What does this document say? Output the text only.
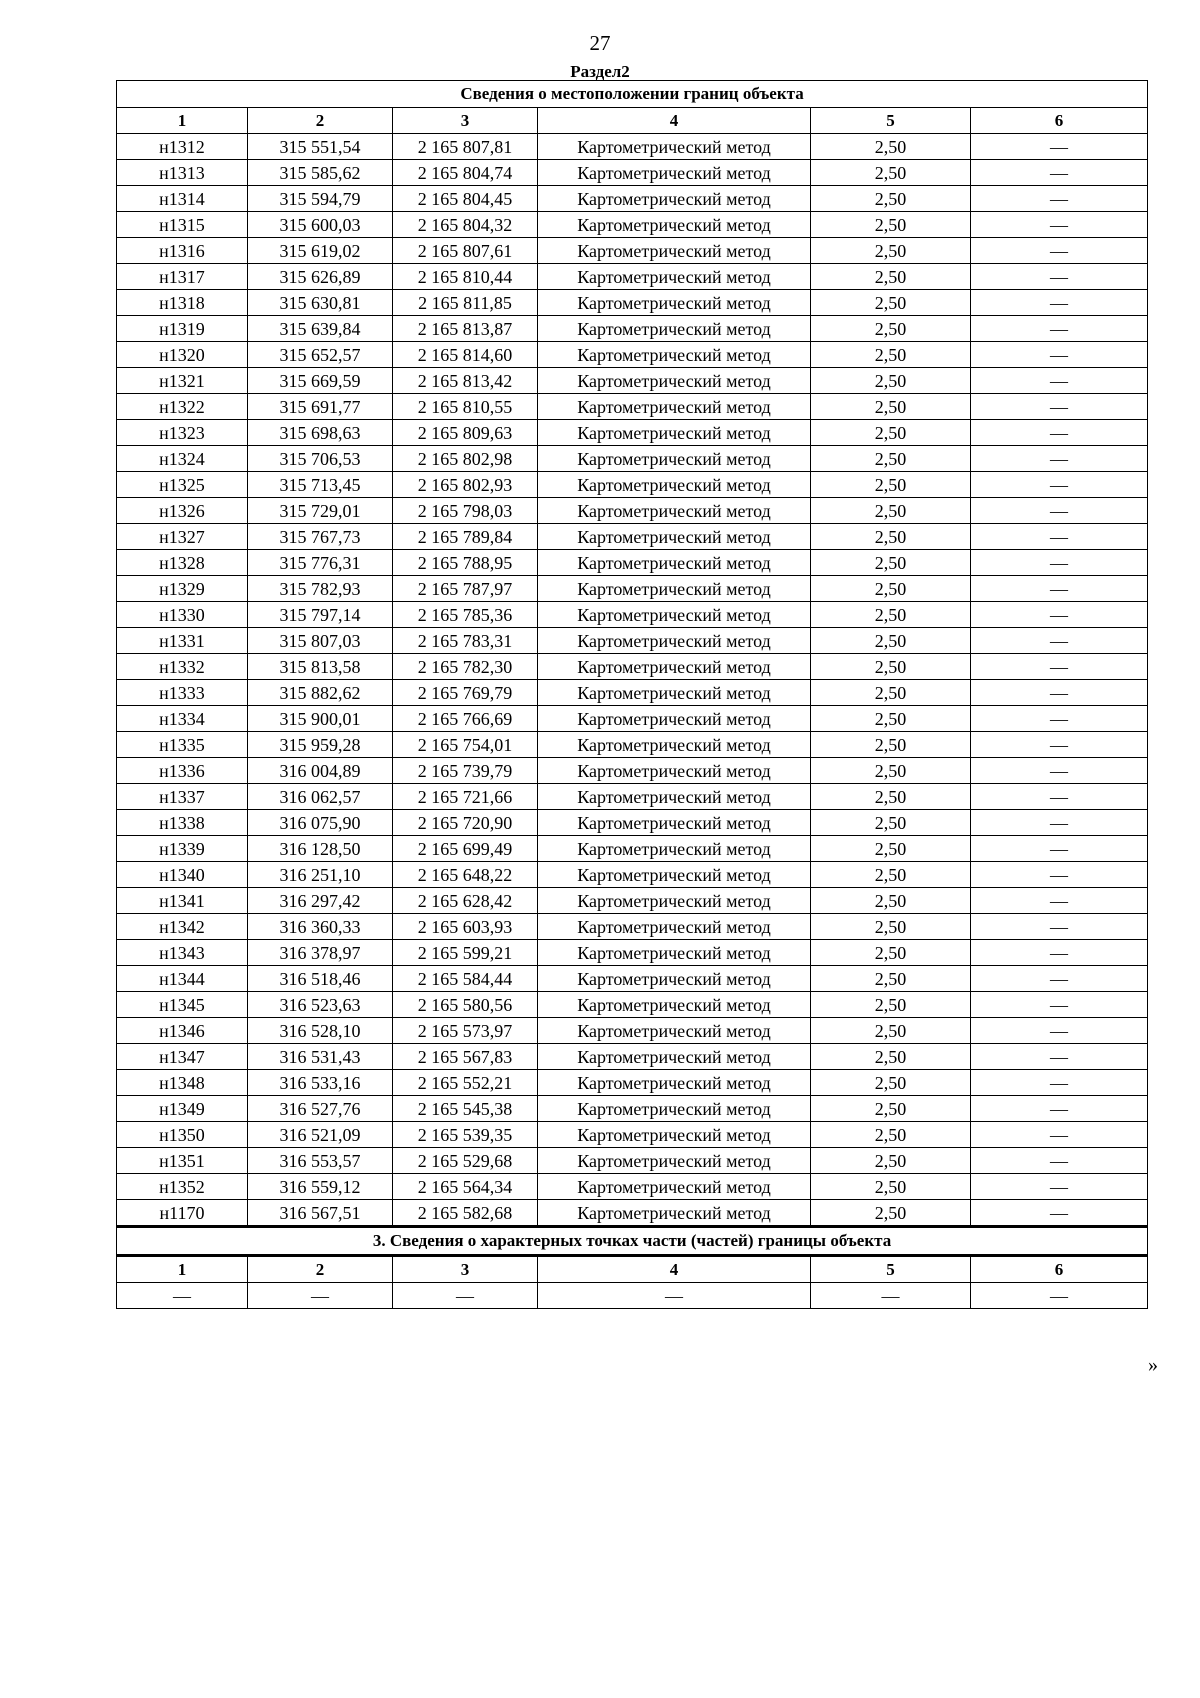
27
Раздел2
Сведения о местоположении границ объекта					
1	2	3	4	5	6
н1312	315 551,54	2 165 807,81	Картометрический метод	2,50	—
н1313	315 585,62	2 165 804,74	Картометрический метод	2,50	—
н1314	315 594,79	2 165 804,45	Картометрический метод	2,50	—
н1315	315 600,03	2 165 804,32	Картометрический метод	2,50	—
н1316	315 619,02	2 165 807,61	Картометрический метод	2,50	—
н1317	315 626,89	2 165 810,44	Картометрический метод	2,50	—
н1318	315 630,81	2 165 811,85	Картометрический метод	2,50	—
н1319	315 639,84	2 165 813,87	Картометрический метод	2,50	—
н1320	315 652,57	2 165 814,60	Картометрический метод	2,50	—
н1321	315 669,59	2 165 813,42	Картометрический метод	2,50	—
н1322	315 691,77	2 165 810,55	Картометрический метод	2,50	—
н1323	315 698,63	2 165 809,63	Картометрический метод	2,50	—
н1324	315 706,53	2 165 802,98	Картометрический метод	2,50	—
н1325	315 713,45	2 165 802,93	Картометрический метод	2,50	—
н1326	315 729,01	2 165 798,03	Картометрический метод	2,50	—
н1327	315 767,73	2 165 789,84	Картометрический метод	2,50	—
н1328	315 776,31	2 165 788,95	Картометрический метод	2,50	—
н1329	315 782,93	2 165 787,97	Картометрический метод	2,50	—
н1330	315 797,14	2 165 785,36	Картометрический метод	2,50	—
н1331	315 807,03	2 165 783,31	Картометрический метод	2,50	—
н1332	315 813,58	2 165 782,30	Картометрический метод	2,50	—
н1333	315 882,62	2 165 769,79	Картометрический метод	2,50	—
н1334	315 900,01	2 165 766,69	Картометрический метод	2,50	—
н1335	315 959,28	2 165 754,01	Картометрический метод	2,50	—
н1336	316 004,89	2 165 739,79	Картометрический метод	2,50	—
н1337	316 062,57	2 165 721,66	Картометрический метод	2,50	—
н1338	316 075,90	2 165 720,90	Картометрический метод	2,50	—
н1339	316 128,50	2 165 699,49	Картометрический метод	2,50	—
н1340	316 251,10	2 165 648,22	Картометрический метод	2,50	—
н1341	316 297,42	2 165 628,42	Картометрический метод	2,50	—
н1342	316 360,33	2 165 603,93	Картометрический метод	2,50	—
н1343	316 378,97	2 165 599,21	Картометрический метод	2,50	—
н1344	316 518,46	2 165 584,44	Картометрический метод	2,50	—
н1345	316 523,63	2 165 580,56	Картометрический метод	2,50	—
н1346	316 528,10	2 165 573,97	Картометрический метод	2,50	—
н1347	316 531,43	2 165 567,83	Картометрический метод	2,50	—
н1348	316 533,16	2 165 552,21	Картометрический метод	2,50	—
н1349	316 527,76	2 165 545,38	Картометрический метод	2,50	—
н1350	316 521,09	2 165 539,35	Картометрический метод	2,50	—
н1351	316 553,57	2 165 529,68	Картометрический метод	2,50	—
н1352	316 559,12	2 165 564,34	Картометрический метод	2,50	—
н1170	316 567,51	2 165 582,68	Картометрический метод	2,50	—
3. Сведения о характерных точках части (частей) границы объекта					
1	2	3	4	5	6
—	—	—	—	—	—
»
